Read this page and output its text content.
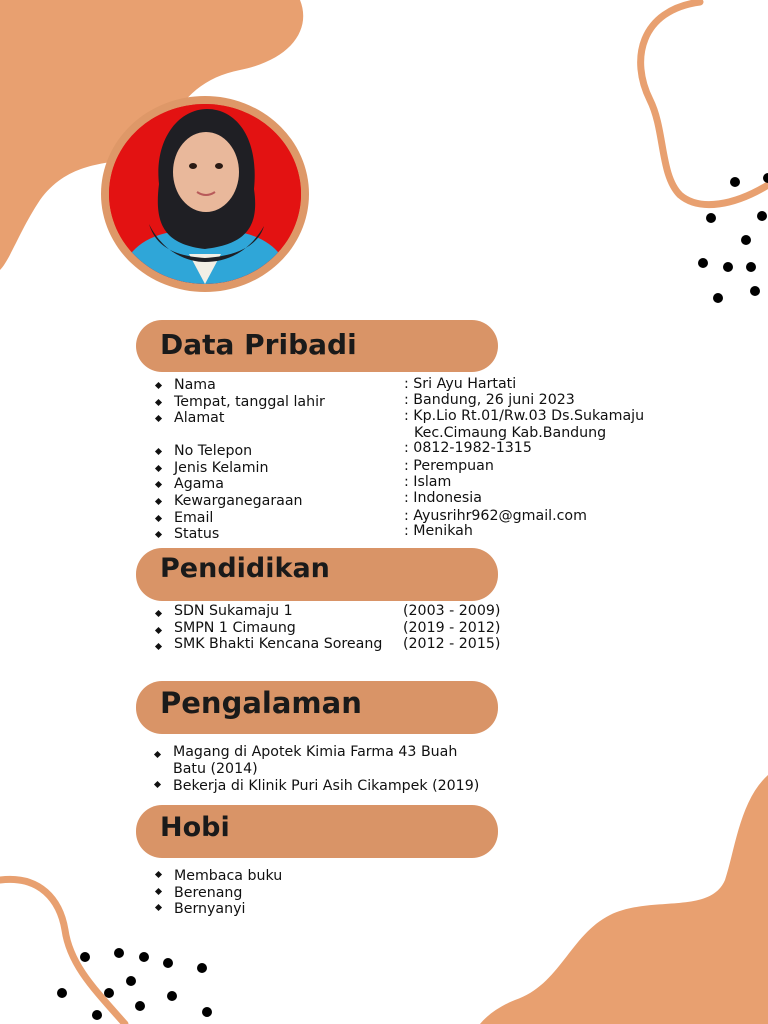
Data Pribadi
Nama	: Sri Ayu Hartati
Tempat, tanggal lahir	: Bandung, 26 juni 2023
Alamat	: Kp.Lio Rt.01/Rw.03 Ds.Sukamaju
Kec.Cimaung Kab.Bandung
No Telepon	: 0812-1982-1315
Jenis Kelamin	: Perempuan
Agama	: Islam
Kewarganegaraan	: Indonesia
Email	: Ayusrihr962@gmail.com
Status	: Menikah
Pendidikan
SDN Sukamaju 1	(2003 - 2009)
SMPN 1 Cimaung	(2019 - 2012)
SMK Bhakti Kencana Soreang (2012 - 2015)
Pengalaman
Magang di Apotek Kimia Farma 43 Buah
Batu (2014)
Bekerja di Klinik Puri Asih Cikampek (2019)
Hobi
Membaca buku
Berenang
Bernyanyi
